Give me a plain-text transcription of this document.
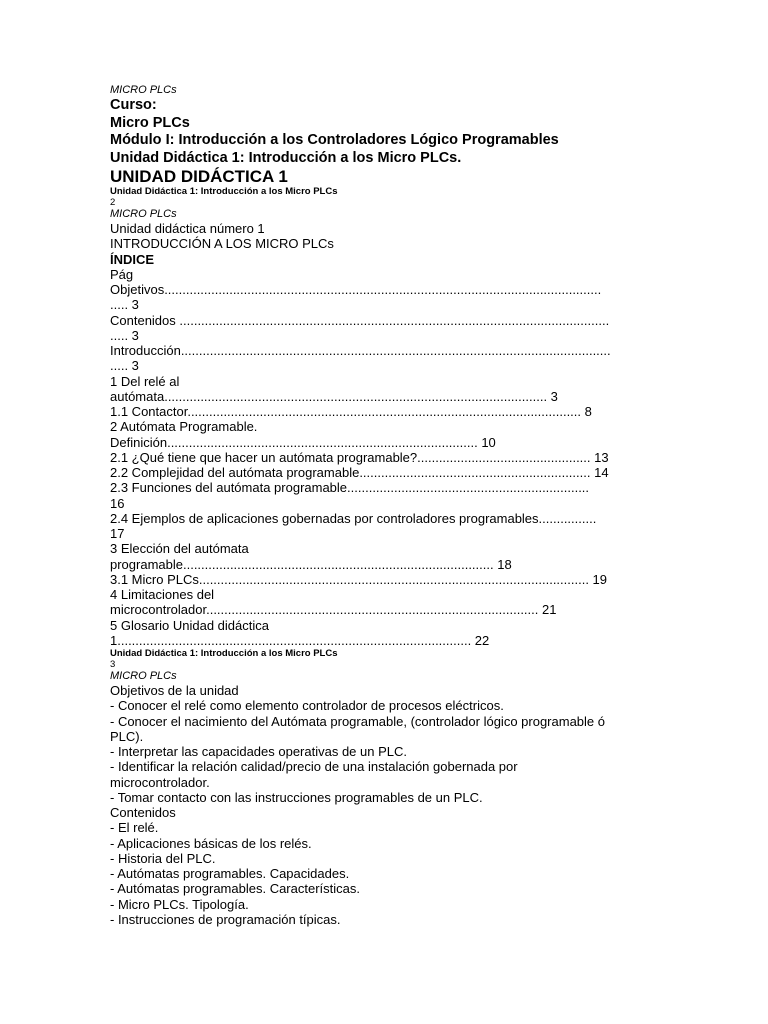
MICRO PLCs
Curso:
Micro PLCs
Módulo I: Introducción a los Controladores Lógico Programables
Unidad Didáctica 1: Introducción a los Micro PLCs.
UNIDAD DIDÁCTICA 1
Unidad Didáctica 1: Introducción a los Micro PLCs
2
MICRO PLCs
Unidad didáctica número 1
INTRODUCCIÓN A LOS MICRO PLCs
ÍNDICE
Pág
Objetivos.........................................................................................................................
..... 3
Contenidos .......................................................................................................................
..... 3
Introducción.......................................................................................................................
..... 3
1 Del relé al
autómata.......................................................................................................... 3
1.1 Contactor............................................................................................................. 8
2 Autómata Programable.
Definición...................................................................................... 10
2.1 ¿Qué tiene que hacer un autómata programable?................................................ 13
2.2 Complejidad del autómata programable................................................................ 14
2.3 Funciones del autómata programable...................................................................
16
2.4 Ejemplos de aplicaciones gobernadas por controladores programables................
17
3 Elección del autómata
programable...................................................................................... 18
3.1 Micro PLCs............................................................................................................ 19
4 Limitaciones del
microcontrolador............................................................................................ 21
5 Glosario Unidad didáctica
1.................................................................................................. 22
Unidad Didáctica 1: Introducción a los Micro PLCs
3
MICRO PLCs
Objetivos de la unidad
- Conocer el relé como elemento controlador de procesos eléctricos.
- Conocer el nacimiento del Autómata programable, (controlador lógico programable ó
PLC).
- Interpretar las capacidades operativas de un PLC.
- Identificar la relación calidad/precio de una instalación gobernada por
microcontrolador.
- Tomar contacto con las instrucciones programables de un PLC.
Contenidos
- El relé.
- Aplicaciones básicas de los relés.
- Historia del PLC.
- Autómatas programables. Capacidades.
- Autómatas programables. Características.
- Micro PLCs. Tipología.
- Instrucciones de programación típicas.
